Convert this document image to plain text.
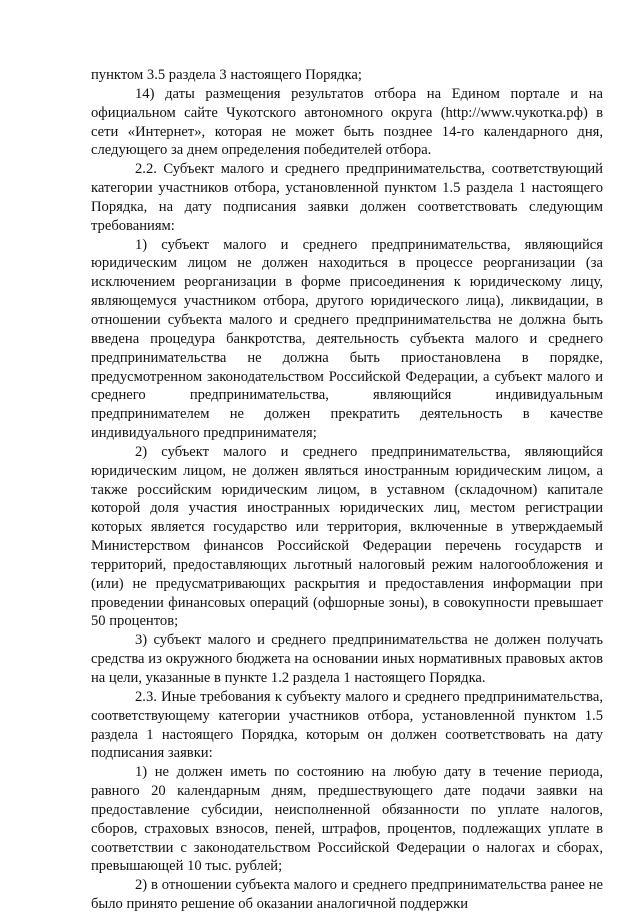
пунктом 3.5 раздела 3 настоящего Порядка;

14) даты размещения результатов отбора на Едином портале и на официальном сайте Чукотского автономного округа (http://www.чукотка.рф) в сети «Интернет», которая не может быть позднее 14-го календарного дня, следующего за днем определения победителей отбора.

2.2. Субъект малого и среднего предпринимательства, соответствующий категории участников отбора, установленной пунктом 1.5 раздела 1 настоящего Порядка, на дату подписания заявки должен соответствовать следующим требованиям:

1) субъект малого и среднего предпринимательства, являющийся юридическим лицом не должен находиться в процессе реорганизации (за исключением реорганизации в форме присоединения к юридическому лицу, являющемуся участником отбора, другого юридического лица), ликвидации, в отношении субъекта малого и среднего предпринимательства не должна быть введена процедура банкротства, деятельность субъекта малого и среднего предпринимательства не должна быть приостановлена в порядке, предусмотренном законодательством Российской Федерации, а субъект малого и среднего предпринимательства, являющийся индивидуальным предпринимателем не должен прекратить деятельность в качестве индивидуального предпринимателя;

2) субъект малого и среднего предпринимательства, являющийся юридическим лицом, не должен являться иностранным юридическим лицом, а также российским юридическим лицом, в уставном (складочном) капитале которой доля участия иностранных юридических лиц, местом регистрации которых является государство или территория, включенные в утверждаемый Министерством финансов Российской Федерации перечень государств и территорий, предоставляющих льготный налоговый режим налогообложения и (или) не предусматривающих раскрытия и предоставления информации при проведении финансовых операций (офшорные зоны), в совокупности превышает 50 процентов;

3) субъект малого и среднего предпринимательства не должен получать средства из окружного бюджета на основании иных нормативных правовых актов на цели, указанные в пункте 1.2 раздела 1 настоящего Порядка.

2.3. Иные требования к субъекту малого и среднего предпринимательства, соответствующему категории участников отбора, установленной пунктом 1.5 раздела 1 настоящего Порядка, которым он должен соответствовать на дату подписания заявки:

1) не должен иметь по состоянию на любую дату в течение периода, равного 20 календарным дням, предшествующего дате подачи заявки на предоставление субсидии, неисполненной обязанности по уплате налогов, сборов, страховых взносов, пеней, штрафов, процентов, подлежащих уплате в соответствии с законодательством Российской Федерации о налогах и сборах, превышающей 10 тыс. рублей;

2) в отношении субъекта малого и среднего предпринимательства ранее не было принято решение об оказании аналогичной поддержки
